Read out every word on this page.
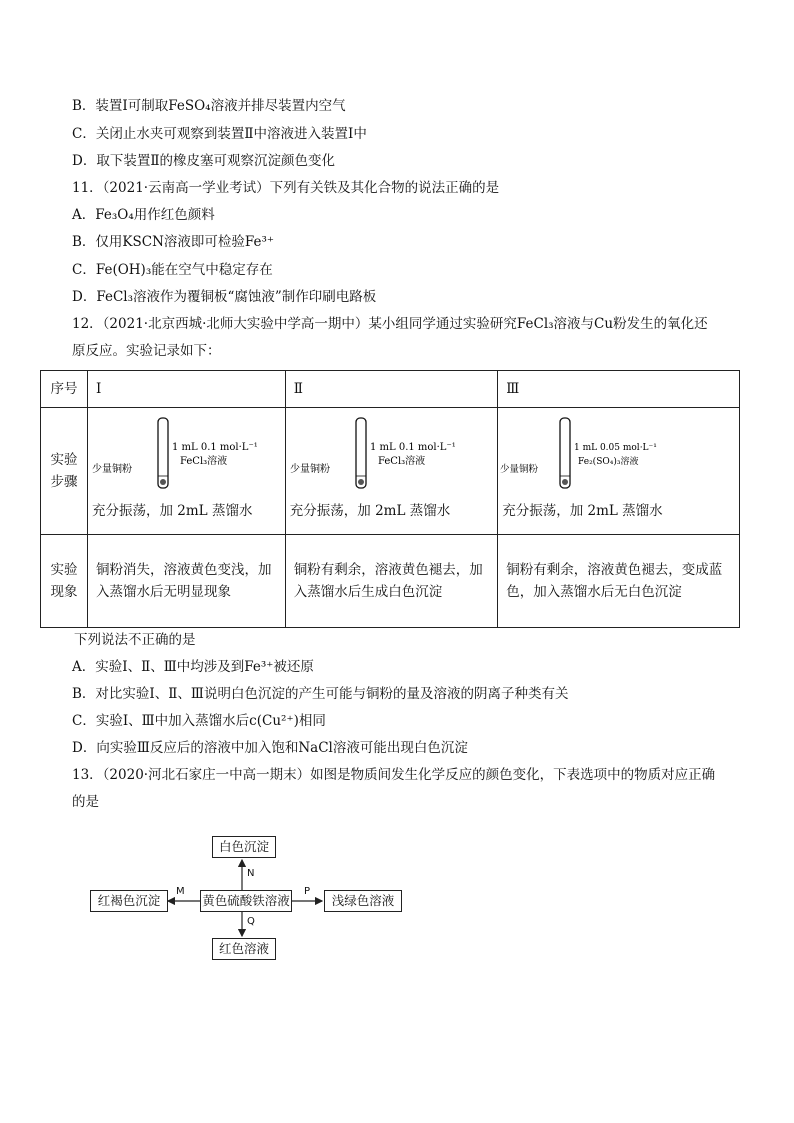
B．装置Ⅰ可制取FeSO₄溶液并排尽装置内空气
C．关闭止水夹可观察到装置Ⅱ中溶液进入装置Ⅰ中
D．取下装置Ⅱ的橡皮塞可观察沉淀颜色变化
11．（2021·云南高一学业考试）下列有关铁及其化合物的说法正确的是
A．Fe₃O₄用作红色颜料
B．仅用KSCN溶液即可检验Fe³⁺
C．Fe(OH)₃能在空气中稳定存在
D．FeCl₃溶液作为覆铜板“腐蚀液”制作印刷电路板
12．（2021·北京西城·北师大实验中学高一期中）某小组同学通过实验研究FeCl₃溶液与Cu粉发生的氧化还
原反应。实验记录如下：
序号	Ⅰ	Ⅱ	Ⅲ
实验步骤	1 mL 0.1 mol·L⁻¹
FeCl₃溶液
少量铜粉
充分振荡，加 2mL 蒸馏水	1 mL 0.1 mol·L⁻¹
FeCl₃溶液
少量铜粉
充分振荡，加 2mL 蒸馏水	1 mL 0.05 mol·L⁻¹
Fe₂(SO₄)₃溶液
少量铜粉
充分振荡，加 2mL 蒸馏水

实验现象	铜粉消失，溶液黄色变浅，加入蒸馏水后无明显现象	铜粉有剩余，溶液黄色褪去，加入蒸馏水后生成白色沉淀	铜粉有剩余，溶液黄色褪去，变成蓝色，加入蒸馏水后无白色沉淀
下列说法不正确的是
A．实验Ⅰ、Ⅱ、Ⅲ中均涉及到Fe³⁺被还原
B．对比实验Ⅰ、Ⅱ、Ⅲ说明白色沉淀的产生可能与铜粉的量及溶液的阴离子种类有关
C．实验Ⅰ、Ⅲ中加入蒸馏水后c(Cu²⁺)相同
D．向实验Ⅲ反应后的溶液中加入饱和NaCl溶液可能出现白色沉淀
13．（2020·河北石家庄一中高一期末）如图是物质间发生化学反应的颜色变化，下表选项中的物质对应正确
的是
白色沉淀
黄色硫酸铁溶液
红褐色沉淀	浅绿色溶液
红色溶液
N
M	P
Q
